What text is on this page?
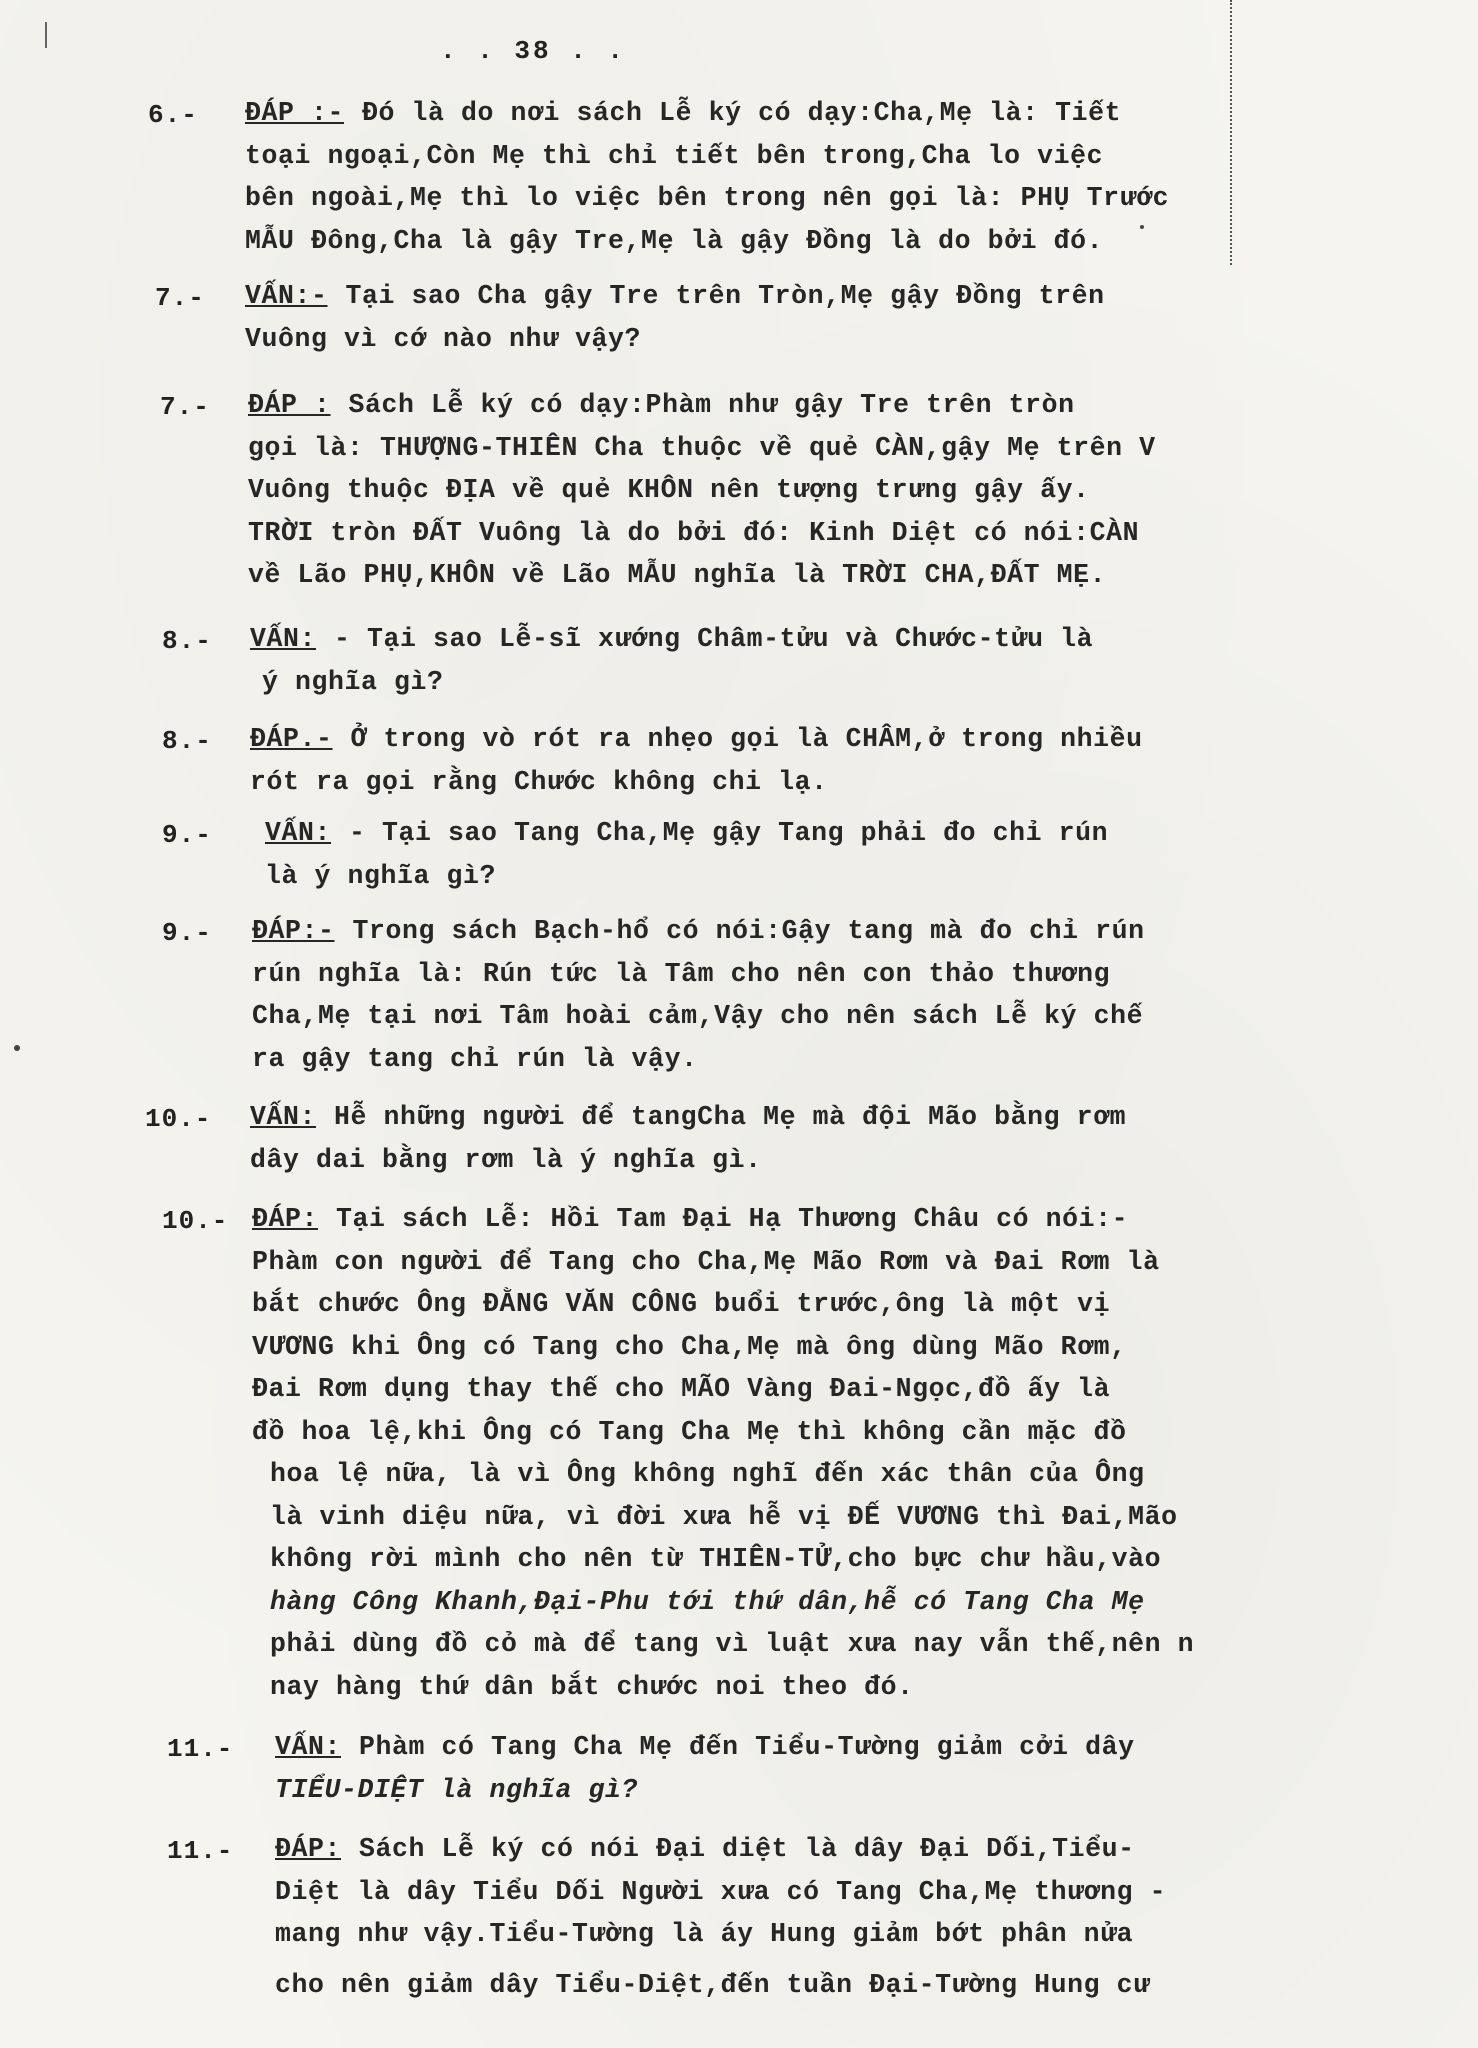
. . 38 . .
6.- ĐÁP :- Đó là do nơi sách Lễ ký có dạy:Cha,Mẹ là: Tiết
toại ngoại,Còn Mẹ thì chỉ tiết bên trong,Cha lo việc
bên ngoài,Mẹ thì lo việc bên trong nên gọi là: PHỤ Trước
MẪU Đông,Cha là gậy Tre,Mẹ là gậy Đồng là do bởi đó.
7.- VẤN:- Tại sao Cha gậy Tre trên Tròn,Mẹ gậy Đồng trên
Vuông vì cớ nào như vậy?
7.- ĐÁP : Sách Lễ ký có dạy:Phàm như gậy Tre trên tròn
gọi là: THƯỢNG-THIÊN Cha thuộc về quẻ CÀN,gậy Mẹ trên V
Vuông thuộc ĐỊA về quẻ KHÔN nên tượng trưng gậy ấy.
TRỜI tròn ĐẤT Vuông là do bởi đó: Kinh Diệt có nói:CÀN
về Lão PHỤ,KHÔN về Lão MẪU nghĩa là TRỜI CHA,ĐẤT MẸ.
8.- VẤN: - Tại sao Lễ-sĩ xướng Châm-tửu và Chước-tửu là
ý nghĩa gì?
8.- ĐÁP.- Ở trong vò rót ra nhẹo gọi là CHÂM,ở trong nhiều
rót ra gọi rằng Chước không chi lạ.
9.- VẤN: - Tại sao Tang Cha,Mẹ gậy Tang phải đo chỉ rún
là ý nghĩa gì?
9.- ĐÁP:- Trong sách Bạch-hổ có nói:Gậy tang mà đo chỉ rún
rún nghĩa là: Rún tức là Tâm cho nên con thảo thương
Cha,Mẹ tại nơi Tâm hoài cảm,Vậy cho nên sách Lễ ký chế
ra gậy tang chỉ rún là vậy.
10.- VẤN: Hễ những người để tangCha Mẹ mà đội Mão bằng rơm
dây dai bằng rơm là ý nghĩa gì.
10.- ĐÁP: Tại sách Lễ: Hồi Tam Đại Hạ Thương Châu có nói:-
Phàm con người để Tang cho Cha,Mẹ Mão Rơm và Đai Rơm là
bắt chước Ông ĐẰNG VĂN CÔNG buổi trước,ông là một vị
VƯƠNG khi Ông có Tang cho Cha,Mẹ mà ông dùng Mão Rơm,
Đai Rơm dụng thay thế cho MÃO Vàng Đai-Ngọc,đồ ấy là
đồ hoa lệ,khi Ông có Tang Cha Mẹ thì không cần mặc đồ
hoa lệ nữa, là vì Ông không nghĩ đến xác thân của Ông
là vinh diệu nữa, vì đời xưa hễ vị ĐẾ VƯƠNG thì Đai,Mão
không rời mình cho nên từ THIÊN-TỬ,cho bực chư hầu,vào
hàng Công Khanh,Đại-Phu tới thứ dân,hễ có Tang Cha Mẹ
phải dùng đồ cỏ mà để tang vì luật xưa nay vẫn thế,nên n
nay hàng thứ dân bắt chước noi theo đó.
11.- VẤN: Phàm có Tang Cha Mẹ đến Tiểu-Tường giảm cởi dây
TIỂU-DIỆT là nghĩa gì?
11.- ĐÁP: Sách Lễ ký có nói Đại diệt là dây Đại Dối,Tiểu-
Diệt là dây Tiểu Dối Người xưa có Tang Cha,Mẹ thương -
mang như vậy.Tiểu-Tường là áy Hung giảm bớt phân nửa
cho nên giảm dây Tiểu-Diệt,đến tuần Đại-Tường Hung cư
